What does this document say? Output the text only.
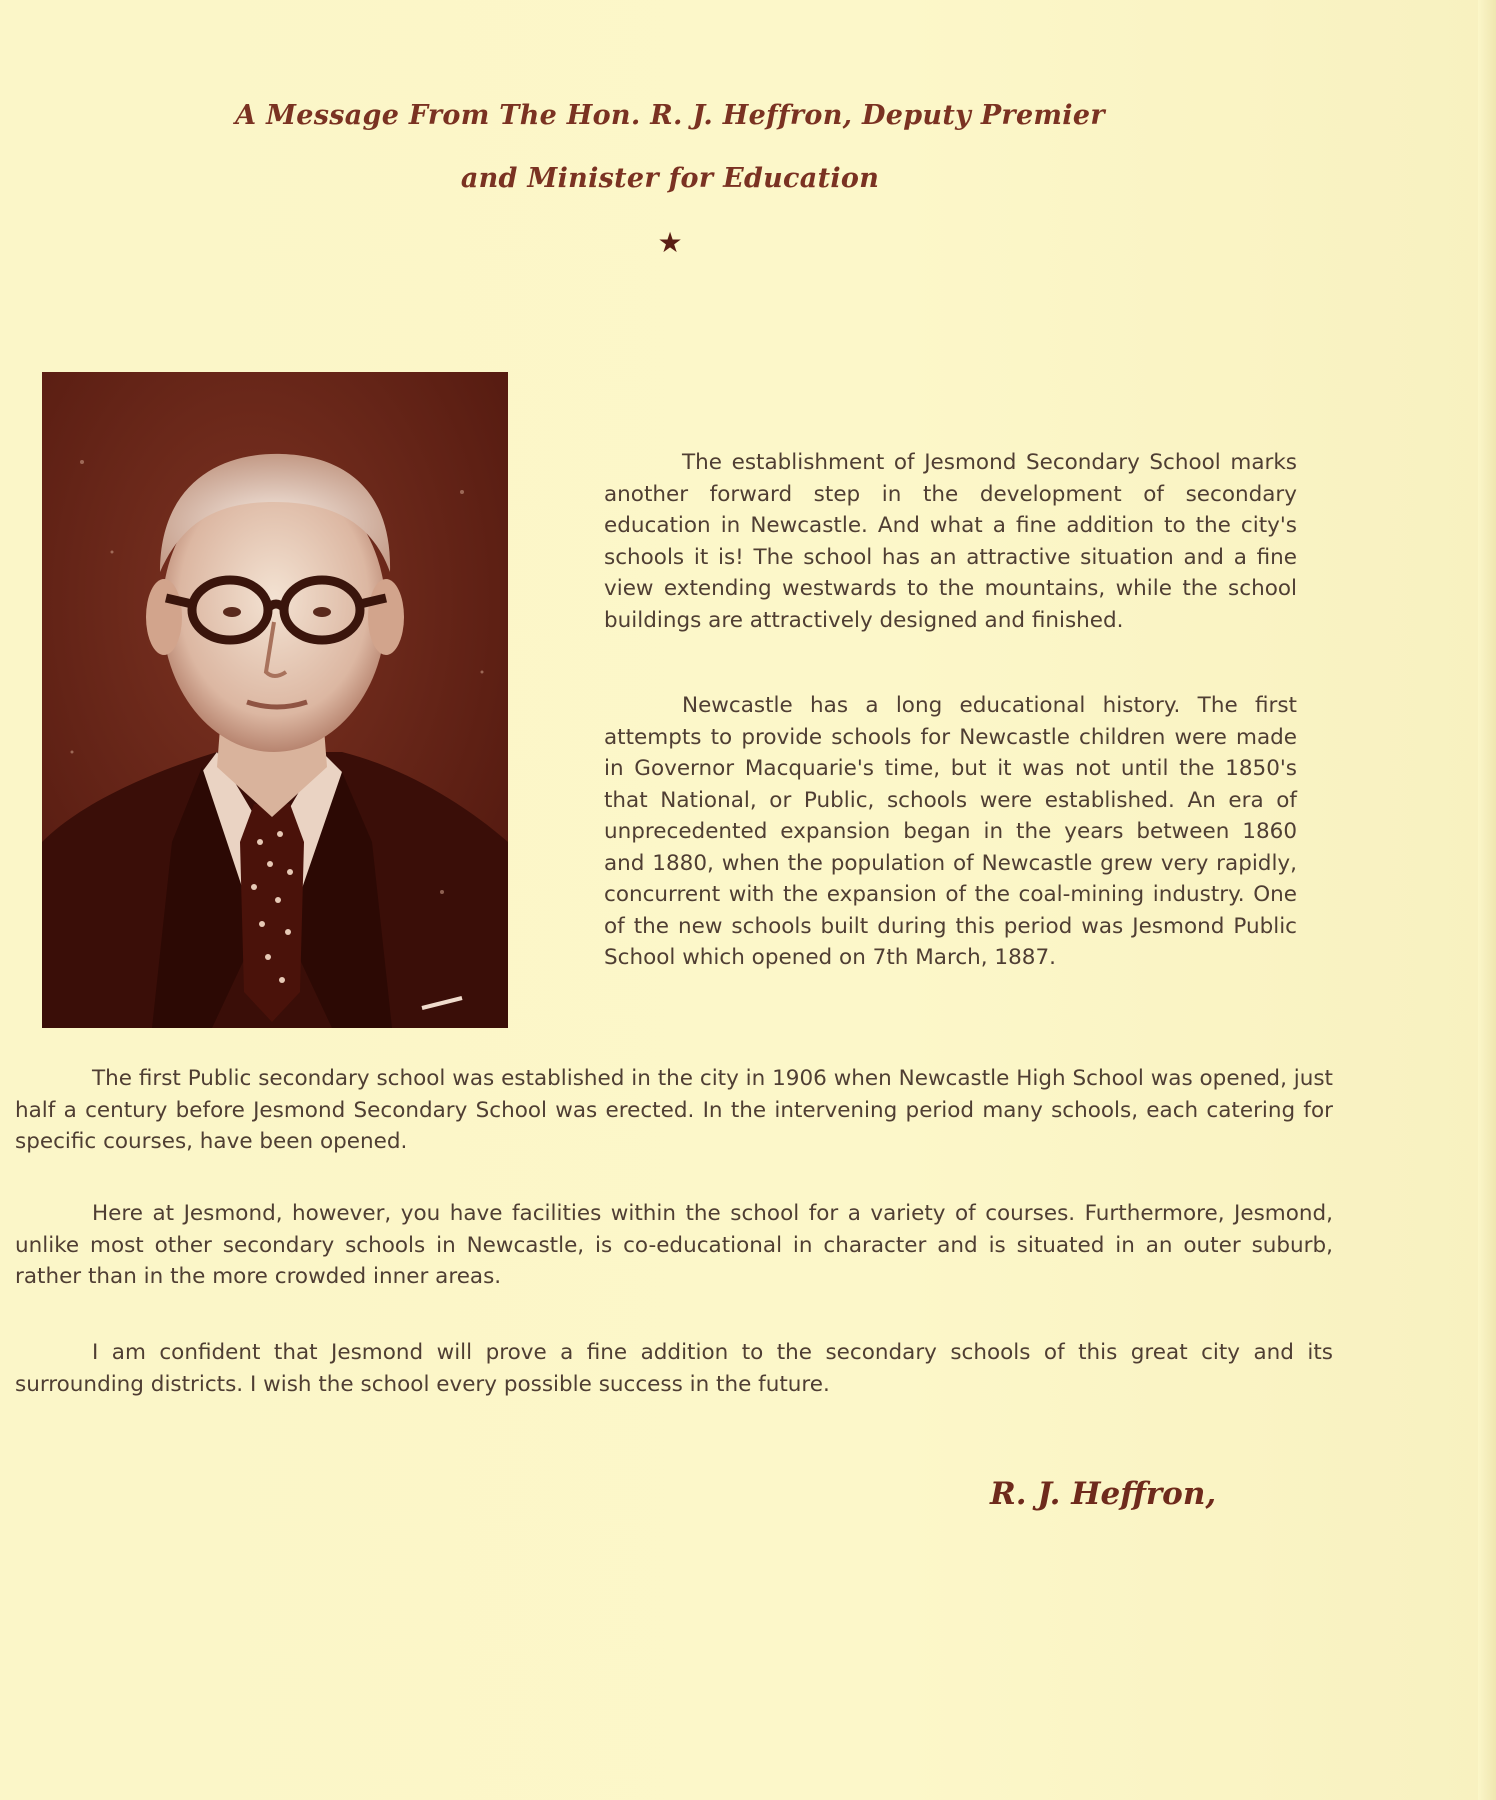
A Message From The Hon. R. J. Heffron, Deputy Premier
and Minister for Education
★

The establishment of Jesmond Secondary School marks another forward step in the development of secondary education in Newcastle. And what a fine addition to the city's schools it is! The school has an attractive situation and a fine view extending westwards to the mountains, while the school buildings are attractively designed and finished.

Newcastle has a long educational history. The first attempts to provide schools for Newcastle children were made in Governor Macquarie's time, but it was not until the 1850's that National, or Public, schools were established. An era of unprecedented expansion began in the years between 1860 and 1880, when the population of Newcastle grew very rapidly, concurrent with the expansion of the coal-mining industry. One of the new schools built during this period was Jesmond Public School which opened on 7th March, 1887.

The first Public secondary school was established in the city in 1906 when Newcastle High School was opened, just half a century before Jesmond Secondary School was erected. In the intervening period many schools, each catering for specific courses, have been opened.

Here at Jesmond, however, you have facilities within the school for a variety of courses. Furthermore, Jesmond, unlike most other secondary schools in Newcastle, is co-educational in character and is situated in an outer suburb, rather than in the more crowded inner areas.

I am confident that Jesmond will prove a fine addition to the secondary schools of this great city and its surrounding districts. I wish the school every possible success in the future.

R. J. Heffron,
